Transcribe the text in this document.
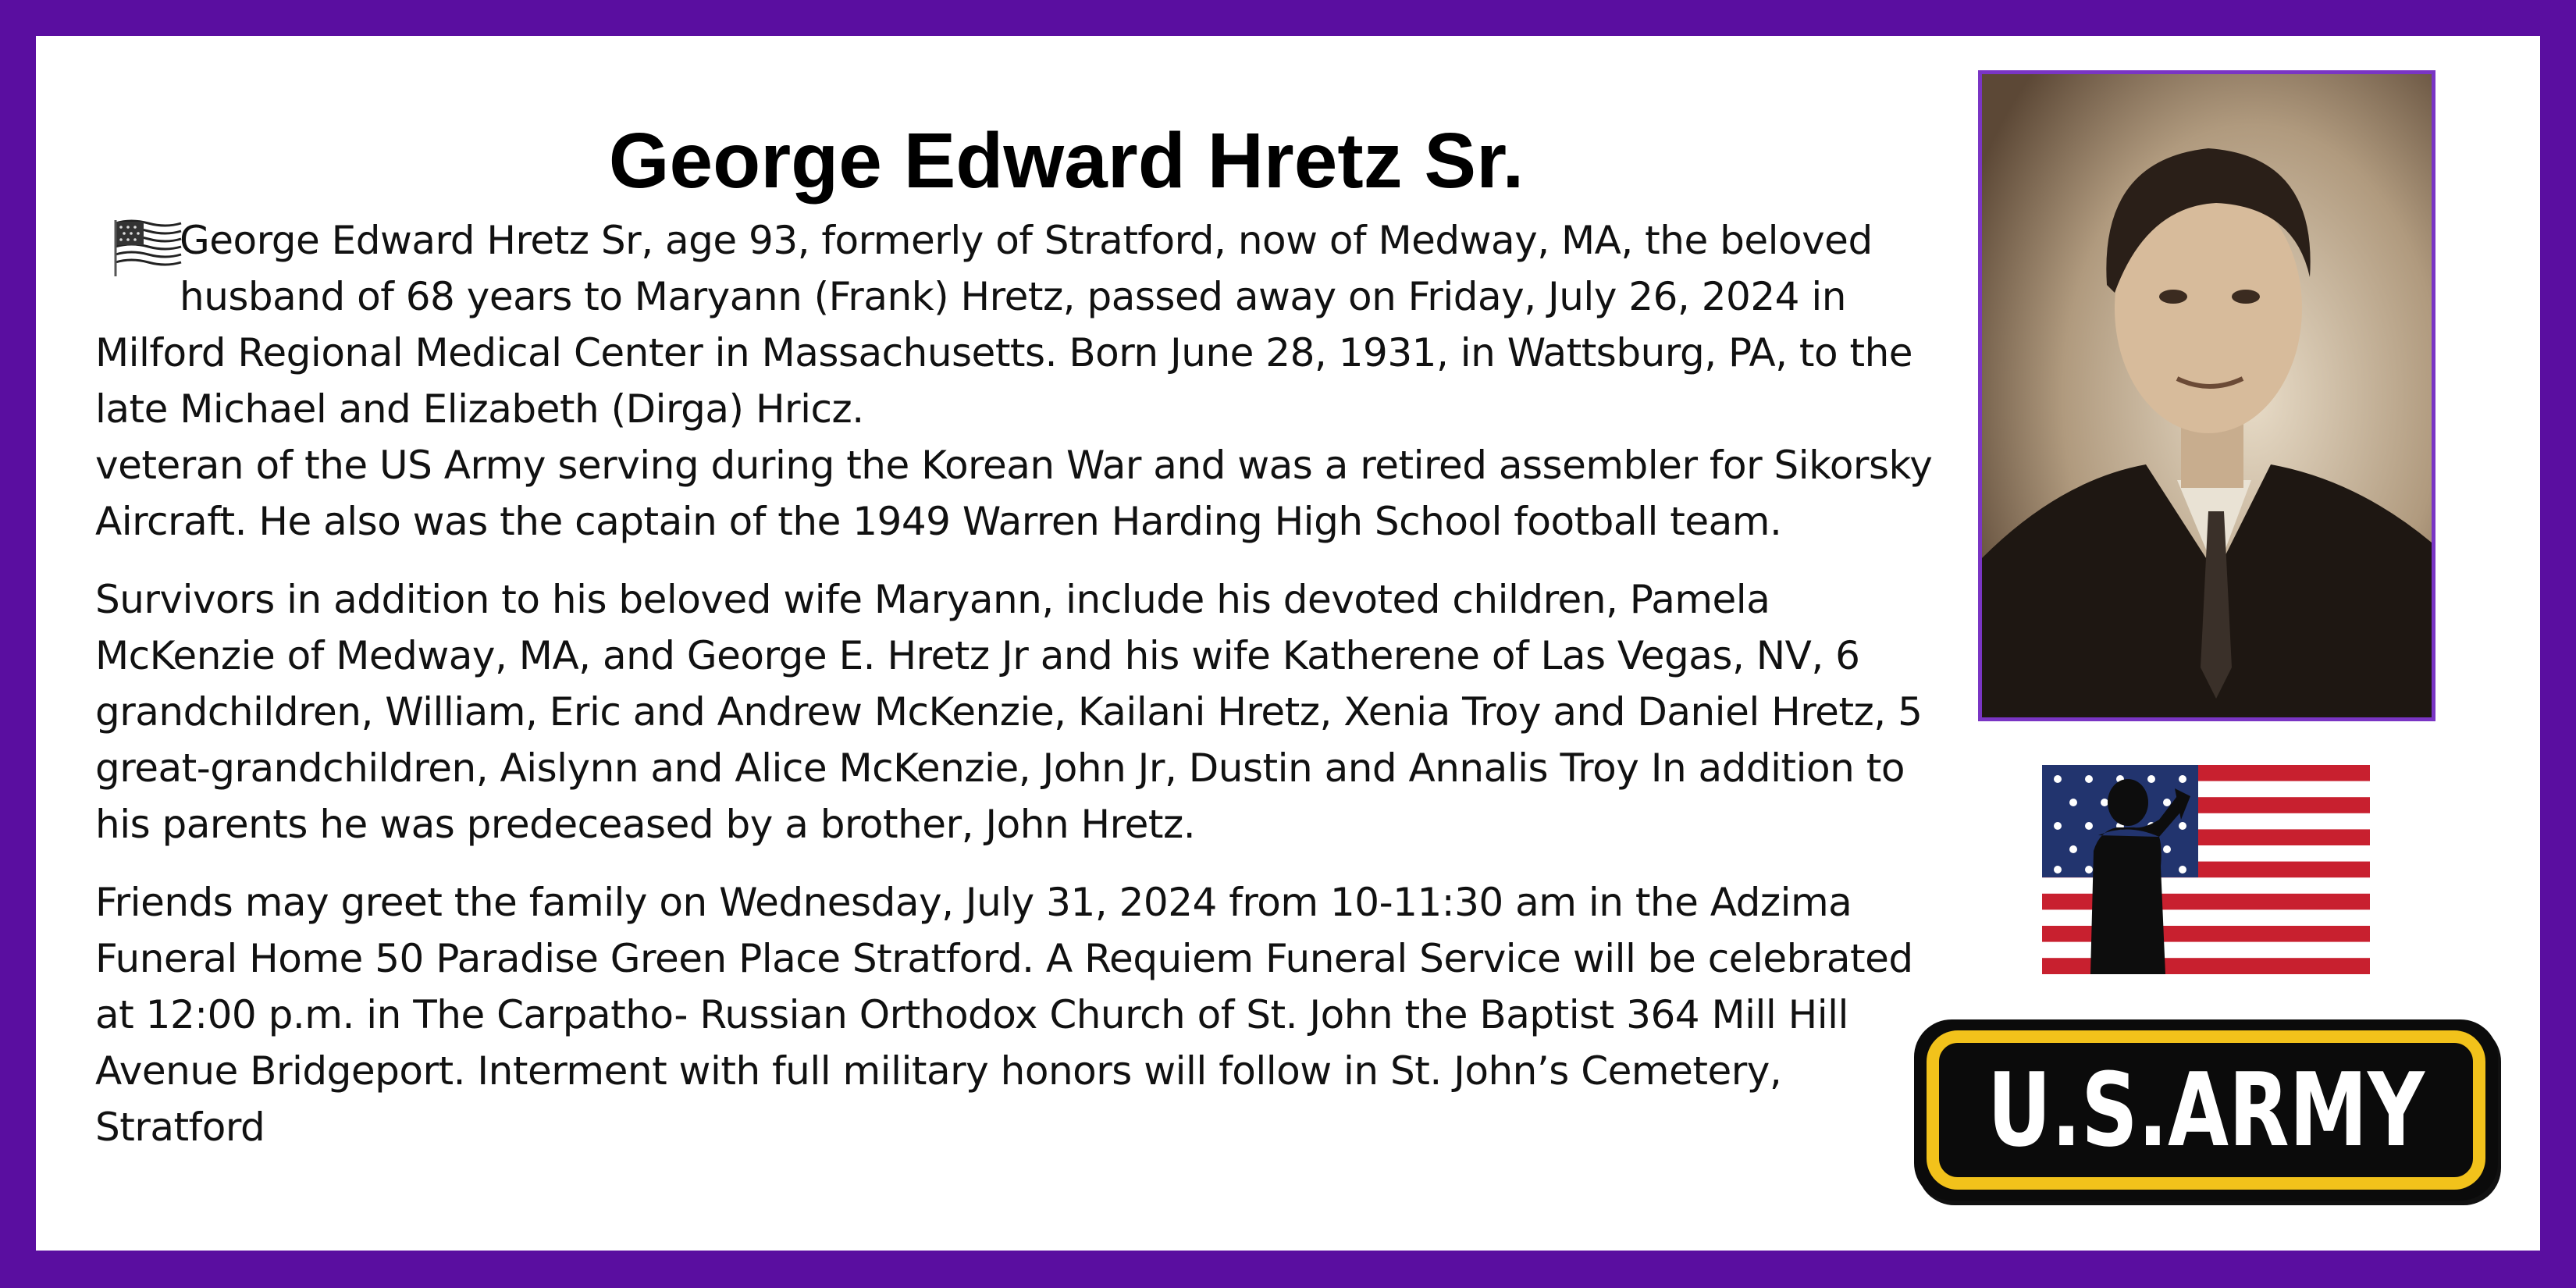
George Edward Hretz Sr.

George Edward Hretz Sr, age 93, formerly of Stratford, now of Medway, MA, the beloved
husband of 68 years to Maryann (Frank) Hretz, passed away on Friday, July 26, 2024 in
Milford Regional Medical Center in Massachusetts. Born June 28, 1931, in Wattsburg, PA, to the late Michael and Elizabeth (Dirga) Hricz.

veteran of the US Army serving during the Korean War and was a retired assembler for Sikorsky Aircraft. He also was the captain of the 1949 Warren Harding High School football team.

Survivors in addition to his beloved wife Maryann, include his devoted children, Pamela McKenzie of Medway, MA, and George E. Hretz Jr and his wife Katherene of Las Vegas, NV, 6 grandchildren, William, Eric and Andrew McKenzie, Kailani Hretz, Xenia Troy and Daniel Hretz, 5 great-grandchildren, Aislynn and Alice McKenzie, John Jr, Dustin and Annalis Troy In addition to his parents he was predeceased by a brother, John Hretz.

Friends may greet the family on Wednesday, July 31, 2024 from 10-11:30 am in the Adzima Funeral Home 50 Paradise Green Place Stratford. A Requiem Funeral Service will be celebrated at 12:00 p.m. in The Carpatho- Russian Orthodox Church of St. John the Baptist 364 Mill Hill Avenue Bridgeport. Interment with full military honors will follow in St. John’s Cemetery, Stratford	U.S.ARMY
